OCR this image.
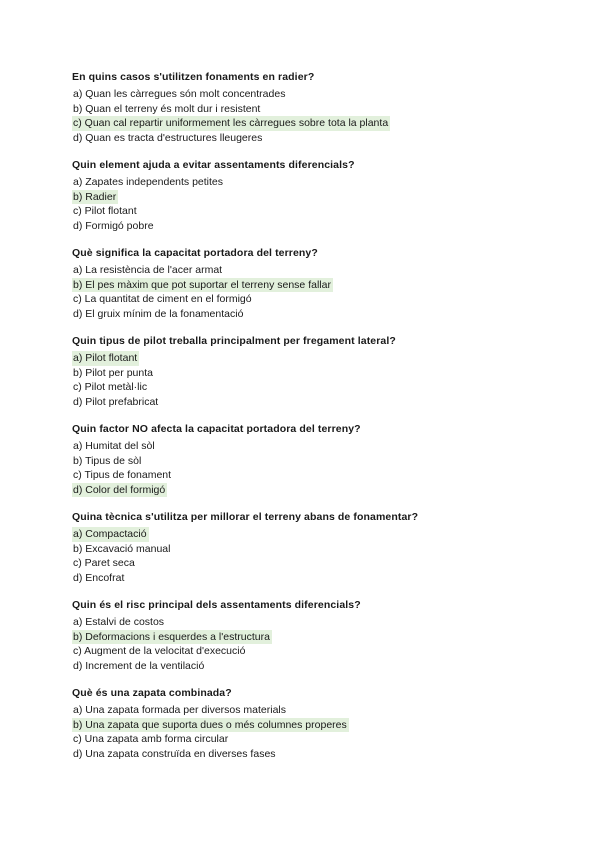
En quins casos s'utilitzen fonaments en radier?
a) Quan les càrregues són molt concentrades
b) Quan el terreny és molt dur i resistent
c) Quan cal repartir uniformement les càrregues sobre tota la planta
d) Quan es tracta d'estructures lleugeres
Quin element ajuda a evitar assentaments diferencials?
a) Zapates independents petites
b) Radier
c) Pilot flotant
d) Formigó pobre
Què significa la capacitat portadora del terreny?
a) La resistència de l'acer armat
b) El pes màxim que pot suportar el terreny sense fallar
c) La quantitat de ciment en el formigó
d) El gruix mínim de la fonamentació
Quin tipus de pilot treballa principalment per fregament lateral?
a) Pilot flotant
b) Pilot per punta
c) Pilot metàl·lic
d) Pilot prefabricat
Quin factor NO afecta la capacitat portadora del terreny?
a) Humitat del sòl
b) Tipus de sòl
c) Tipus de fonament
d) Color del formigó
Quina tècnica s'utilitza per millorar el terreny abans de fonamentar?
a) Compactació
b) Excavació manual
c) Paret seca
d) Encofrat
Quin és el risc principal dels assentaments diferencials?
a) Estalvi de costos
b) Deformacions i esquerdes a l'estructura
c) Augment de la velocitat d'execució
d) Increment de la ventilació
Què és una zapata combinada?
a) Una zapata formada per diversos materials
b) Una zapata que suporta dues o més columnes properes
c) Una zapata amb forma circular
d) Una zapata construïda en diverses fases
